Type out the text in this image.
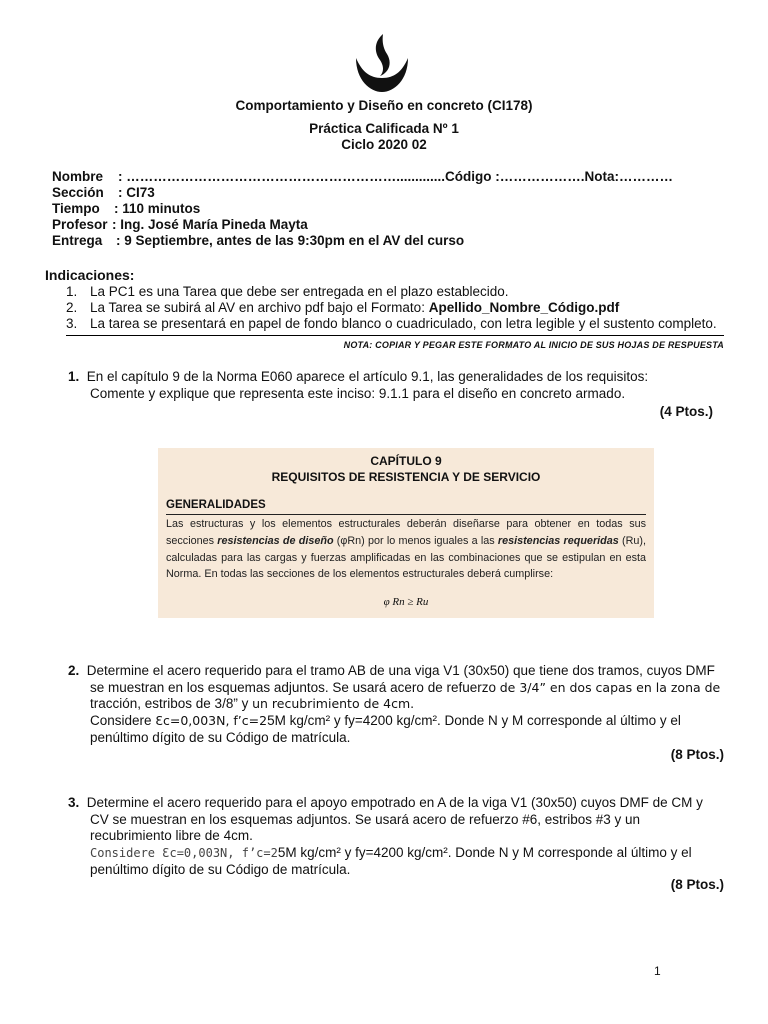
Comportamiento y Diseño en concreto (CI178)
Práctica Calificada Nº 1
Ciclo 2020 02
Nombre : …………………………………………………….............Código :……………….Nota:…………
Sección : CI73
Tiempo : 110 minutos
Profesor : Ing. José María Pineda Mayta
Entrega : 9 Septiembre, antes de las 9:30pm en el AV del curso
Indicaciones:
1. La PC1 es una Tarea que debe ser entregada en el plazo establecido.
2. La Tarea se subirá al AV en archivo pdf bajo el Formato: Apellido_Nombre_Código.pdf
3. La tarea se presentará en papel de fondo blanco o cuadriculado, con letra legible y el sustento completo.
NOTA: COPIAR Y PEGAR ESTE FORMATO AL INICIO DE SUS HOJAS DE RESPUESTA
1. En el capítulo 9 de la Norma E060 aparece el artículo 9.1, las generalidades de los requisitos:
Comente y explique que representa este inciso: 9.1.1 para el diseño en concreto armado.
(4 Ptos.)
CAPÍTULO 9
REQUISITOS DE RESISTENCIA Y DE SERVICIO
GENERALIDADES
Las estructuras y los elementos estructurales deberán diseñarse para obtener en todas sus secciones resistencias de diseño (φRn) por lo menos iguales a las resistencias requeridas (Ru), calculadas para las cargas y fuerzas amplificadas en las combinaciones que se estipulan en esta Norma. En todas las secciones de los elementos estructurales deberá cumplirse:
φ Rn ≥ Ru
2. Determine el acero requerido para el tramo AB de una viga V1 (30x50) que tiene dos tramos, cuyos DMF
se muestran en los esquemas adjuntos. Se usará acero de refuerzo de 3/4” en dos capas en la zona de
tracción, estribos de 3/8” y un recubrimiento de 4cm.
Considere Ɛc=0,003N, f’c=25M kg/cm² y fy=4200 kg/cm². Donde N y M corresponde al último y el
penúltimo dígito de su Código de matrícula.
(8 Ptos.)
3. Determine el acero requerido para el apoyo empotrado en A de la viga V1 (30x50) cuyos DMF de CM y
CV se muestran en los esquemas adjuntos. Se usará acero de refuerzo #6, estribos #3 y un
recubrimiento libre de 4cm.
Considere Ɛc=0,003N, f’c=25M kg/cm² y fy=4200 kg/cm². Donde N y M corresponde al último y el
penúltimo dígito de su Código de matrícula.
(8 Ptos.)
1
